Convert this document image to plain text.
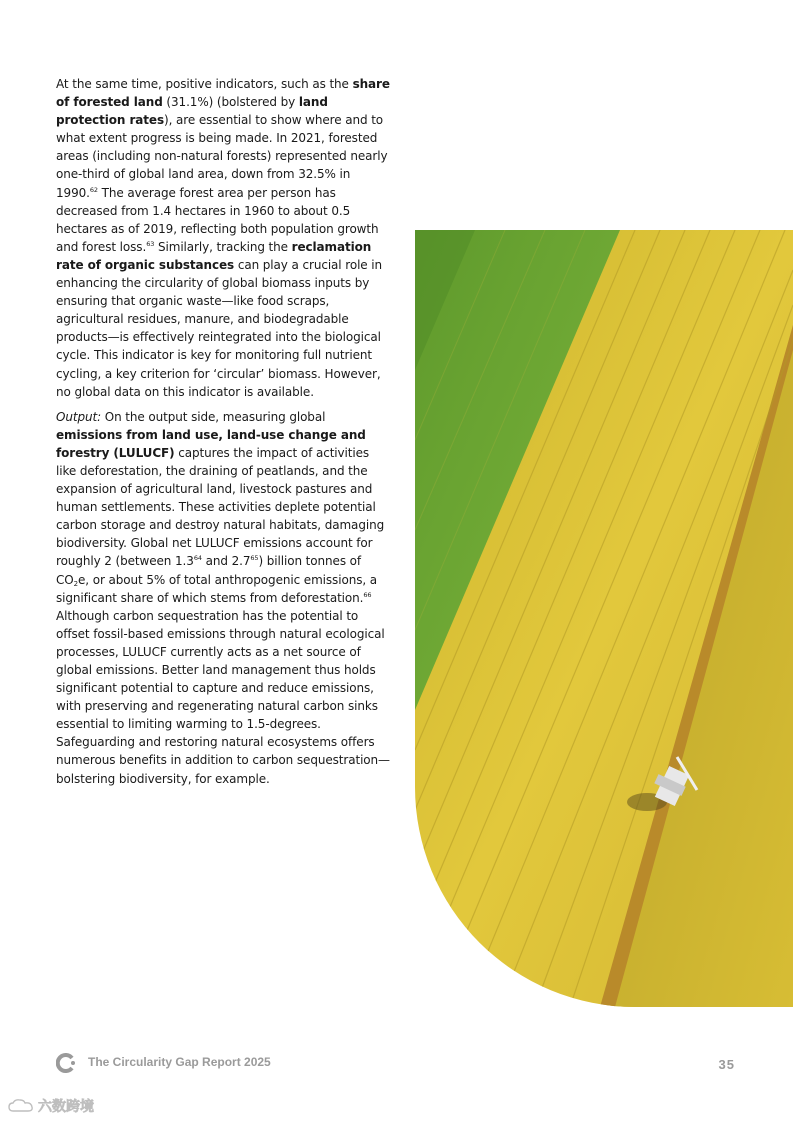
At the same time, positive indicators, such as the share of forested land (31.1%) (bolstered by land protection rates), are essential to show where and to what extent progress is being made. In 2021, forested areas (including non-natural forests) represented nearly one-third of global land area, down from 32.5% in 1990.62 The average forest area per person has decreased from 1.4 hectares in 1960 to about 0.5 hectares as of 2019, reflecting both population growth and forest loss.$^{63}$ Similarly, tracking the reclamation rate of organic substances can play a crucial role in enhancing the circularity of global biomass inputs by ensuring that organic waste—like food scraps, agricultural residues, manure, and biodegradable products—is effectively reintegrated into the biological cycle. This indicator is key for monitoring full nutrient cycling, a key criterion for ‘circular’ biomass. However, no global data on this indicator is available.

Output: On the output side, measuring global emissions from land use, land-use change and forestry (LULUCF) captures the impact of activities like deforestation, the draining of peatlands, and the expansion of agricultural land, livestock pastures and human settlements. These activities deplete potential carbon storage and destroy natural habitats, damaging biodiversity. Global net LULUCF emissions account for roughly 2 (between $1.3^{64}$ and $2.7^{65}$) billion tonnes of $CO_2e$, or about 5% of total anthropogenic emissions, a significant share of which stems from deforestation.$^{66}$ Although carbon sequestration has the potential to offset fossil-based emissions through natural ecological processes, LULUCF currently acts as a net source of global emissions. Better land management thus holds significant potential to capture and reduce emissions, with preserving and regenerating natural carbon sinks essential to limiting warming to 1.5-degrees. Safeguarding and restoring natural ecosystems offers numerous benefits in addition to carbon sequestration—bolstering biodiversity, for example.

The Circularity Gap Report 2025	35
六数跨境
